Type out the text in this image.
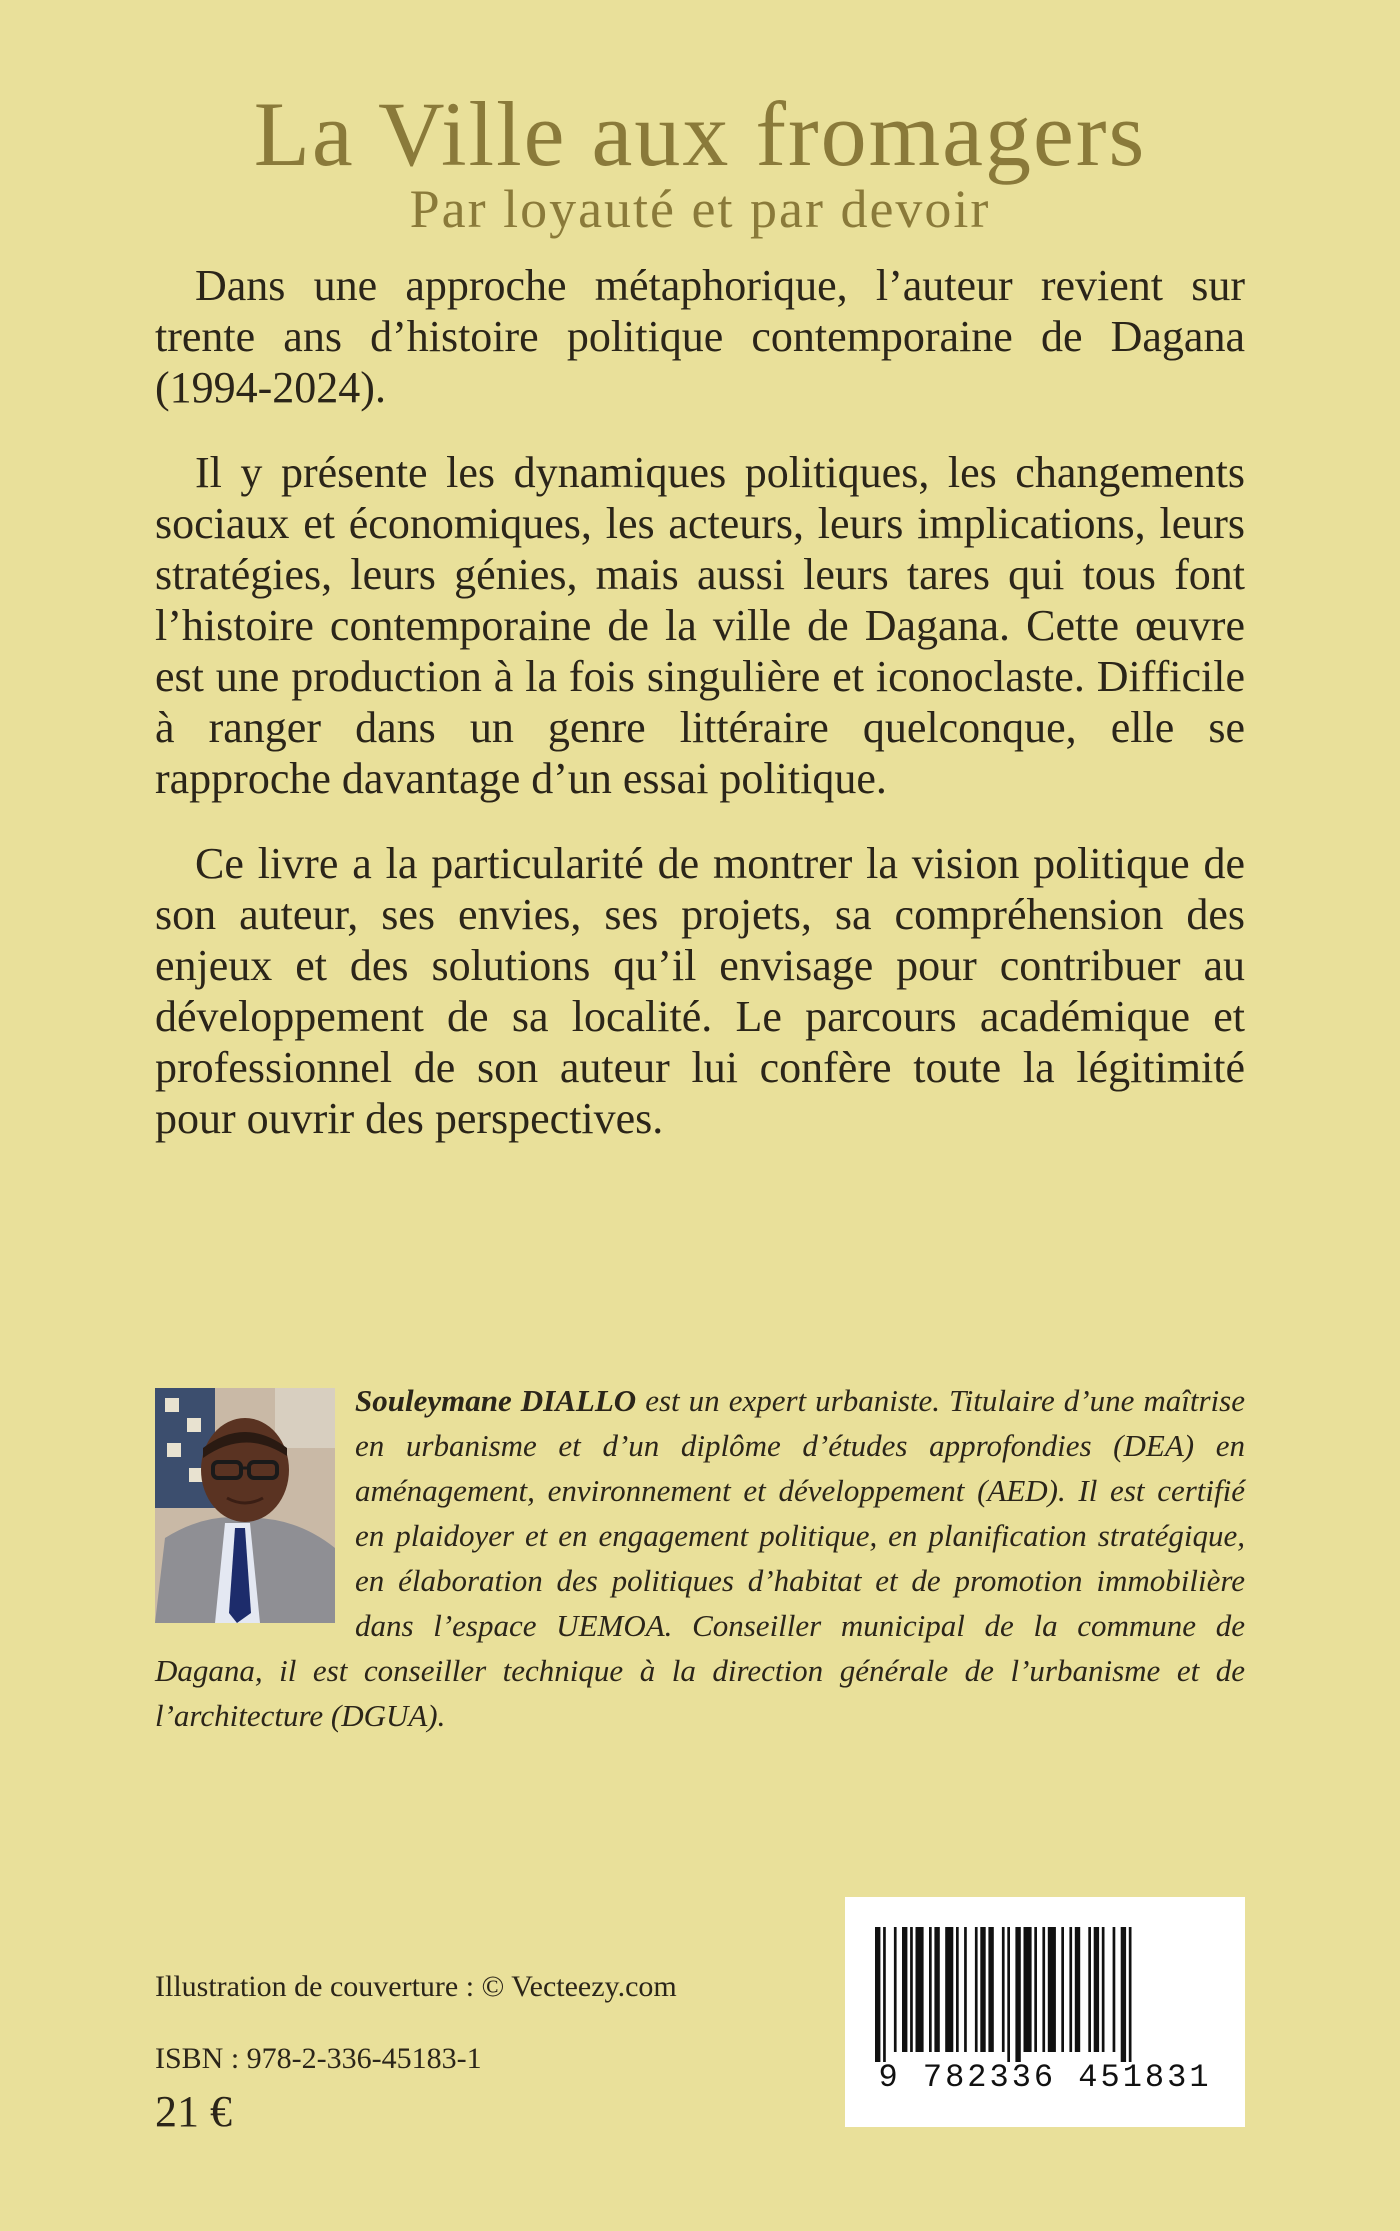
La Ville aux fromagers
Par loyauté et par devoir

Dans une approche métaphorique, l’auteur revient sur trente ans d’histoire politique contemporaine de Dagana (1994-2024).

Il y présente les dynamiques politiques, les changements sociaux et économiques, les acteurs, leurs implications, leurs stratégies, leurs génies, mais aussi leurs tares qui tous font l’histoire contemporaine de la ville de Dagana. Cette œuvre est une production à la fois singulière et iconoclaste. Difficile à ranger dans un genre littéraire quelconque, elle se rapproche davantage d’un essai politique.

Ce livre a la particularité de montrer la vision politique de son auteur, ses envies, ses projets, sa compréhension des enjeux et des solutions qu’il envisage pour contribuer au développement de sa localité. Le parcours académique et professionnel de son auteur lui confère toute la légitimité pour ouvrir des perspectives.

Souleymane DIALLO est un expert urbaniste. Titulaire d’une maîtrise en urbanisme et d’un diplôme d’études approfondies (DEA) en aménagement, environnement et développement (AED). Il est certifié en plaidoyer et en engagement politique, en planification stratégique, en élaboration des politiques d’habitat et de promotion immobilière dans l’espace UEMOA. Conseiller municipal de la commune de Dagana, il est conseiller technique à la direction générale de l’urbanisme et de l’architecture (DGUA).
Illustration de couverture : © Vecteezy.com
ISBN : 978-2-336-45183-1
21 €
9 782336 451831
